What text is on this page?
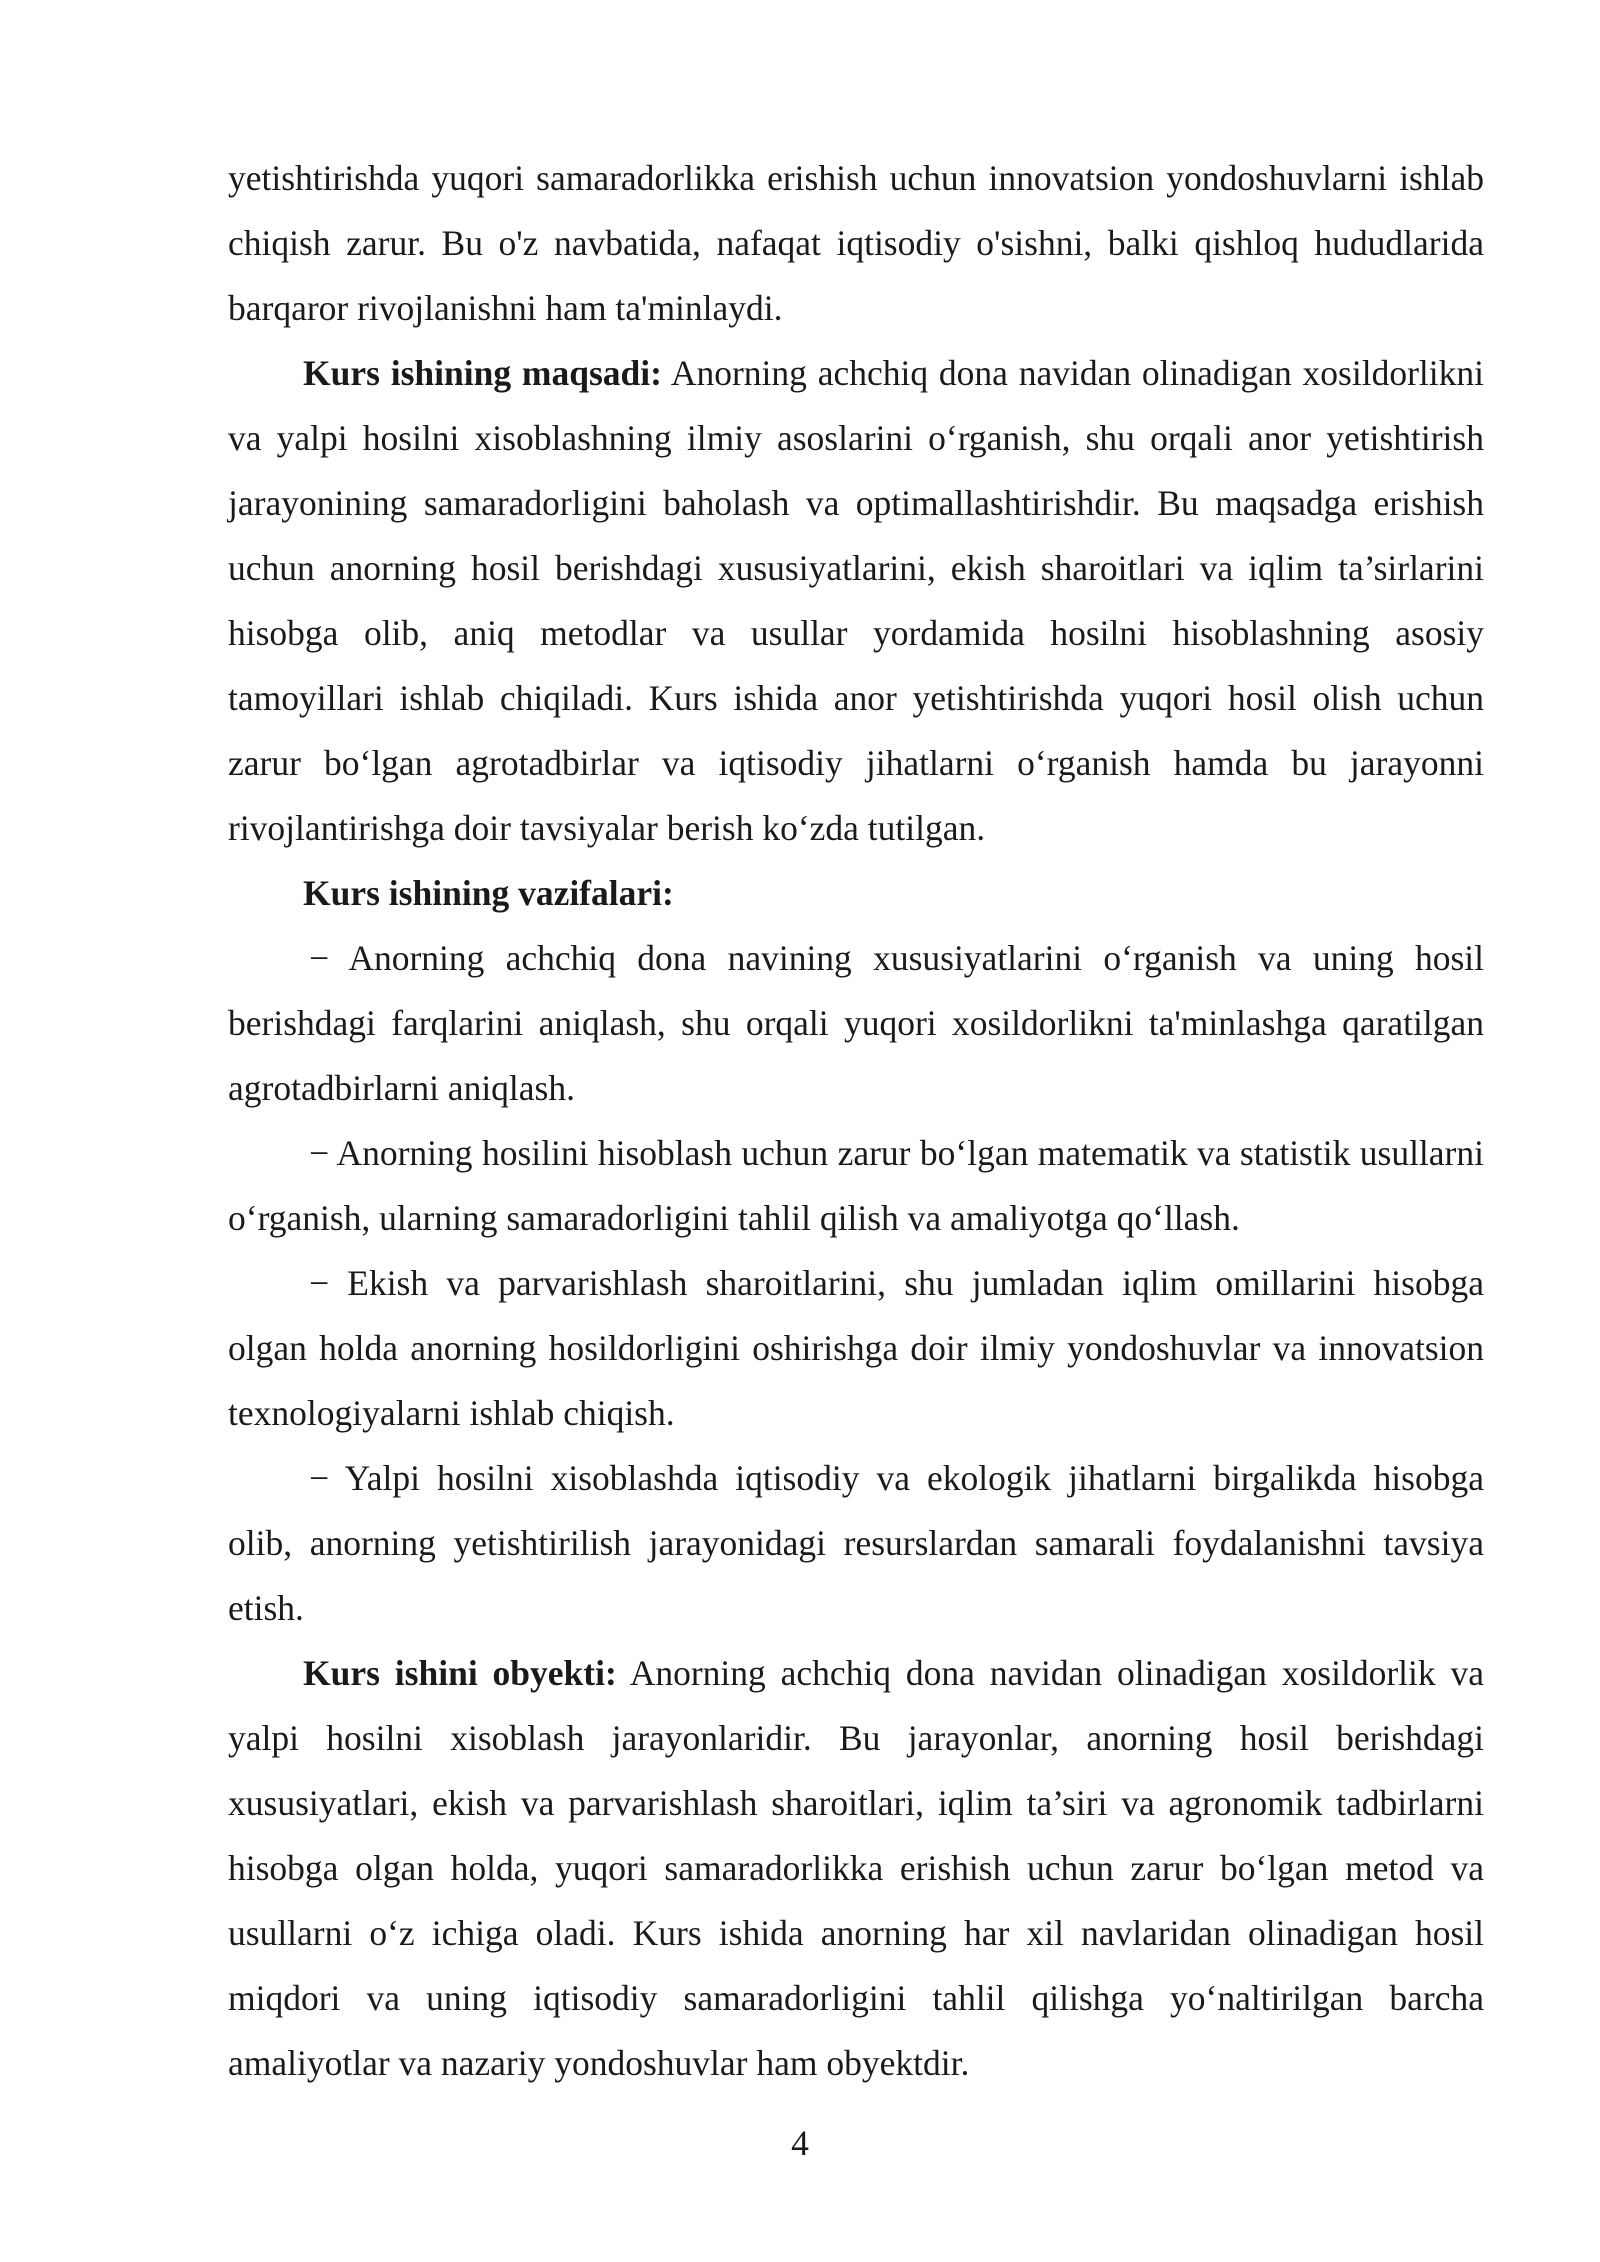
yetishtirishda yuqori samaradorlikka erishish uchun innovatsion yondoshuvlarni ishlab chiqish zarur. Bu o'z navbatida, nafaqat iqtisodiy o'sishni, balki qishloq hududlarida barqaror rivojlanishni ham ta'minlaydi.

Kurs ishining maqsadi: Anorning achchiq dona navidan olinadigan xosildorlikni va yalpi hosilni xisoblashning ilmiy asoslarini o‘rganish, shu orqali anor yetishtirish jarayonining samaradorligini baholash va optimallashtirishdir. Bu maqsadga erishish uchun anorning hosil berishdagi xususiyatlarini, ekish sharoitlari va iqlim ta’sirlarini hisobga olib, aniq metodlar va usullar yordamida hosilni hisoblashning asosiy tamoyillari ishlab chiqiladi. Kurs ishida anor yetishtirishda yuqori hosil olish uchun zarur bo‘lgan agrotadbirlar va iqtisodiy jihatlarni o‘rganish hamda bu jarayonni rivojlantirishga doir tavsiyalar berish ko‘zda tutilgan.

Kurs ishining vazifalari:

− Anorning achchiq dona navining xususiyatlarini o‘rganish va uning hosil berishdagi farqlarini aniqlash, shu orqali yuqori xosildorlikni ta'minlashga qaratilgan agrotadbirlarni aniqlash.

− Anorning hosilini hisoblash uchun zarur bo‘lgan matematik va statistik usullarni o‘rganish, ularning samaradorligini tahlil qilish va amaliyotga qo‘llash.

− Ekish va parvarishlash sharoitlarini, shu jumladan iqlim omillarini hisobga olgan holda anorning hosildorligini oshirishga doir ilmiy yondoshuvlar va innovatsion texnologiyalarni ishlab chiqish.

− Yalpi hosilni xisoblashda iqtisodiy va ekologik jihatlarni birgalikda hisobga olib, anorning yetishtirilish jarayonidagi resurslardan samarali foydalanishni tavsiya etish.

Kurs ishini obyekti: Anorning achchiq dona navidan olinadigan xosildorlik va yalpi hosilni xisoblash jarayonlaridir. Bu jarayonlar, anorning hosil berishdagi xususiyatlari, ekish va parvarishlash sharoitlari, iqlim ta’siri va agronomik tadbirlarni hisobga olgan holda, yuqori samaradorlikka erishish uchun zarur bo‘lgan metod va usullarni o‘z ichiga oladi. Kurs ishida anorning har xil navlaridan olinadigan hosil miqdori va uning iqtisodiy samaradorligini tahlil qilishga yo‘naltirilgan barcha amaliyotlar va nazariy yondoshuvlar ham obyektdir.

4
